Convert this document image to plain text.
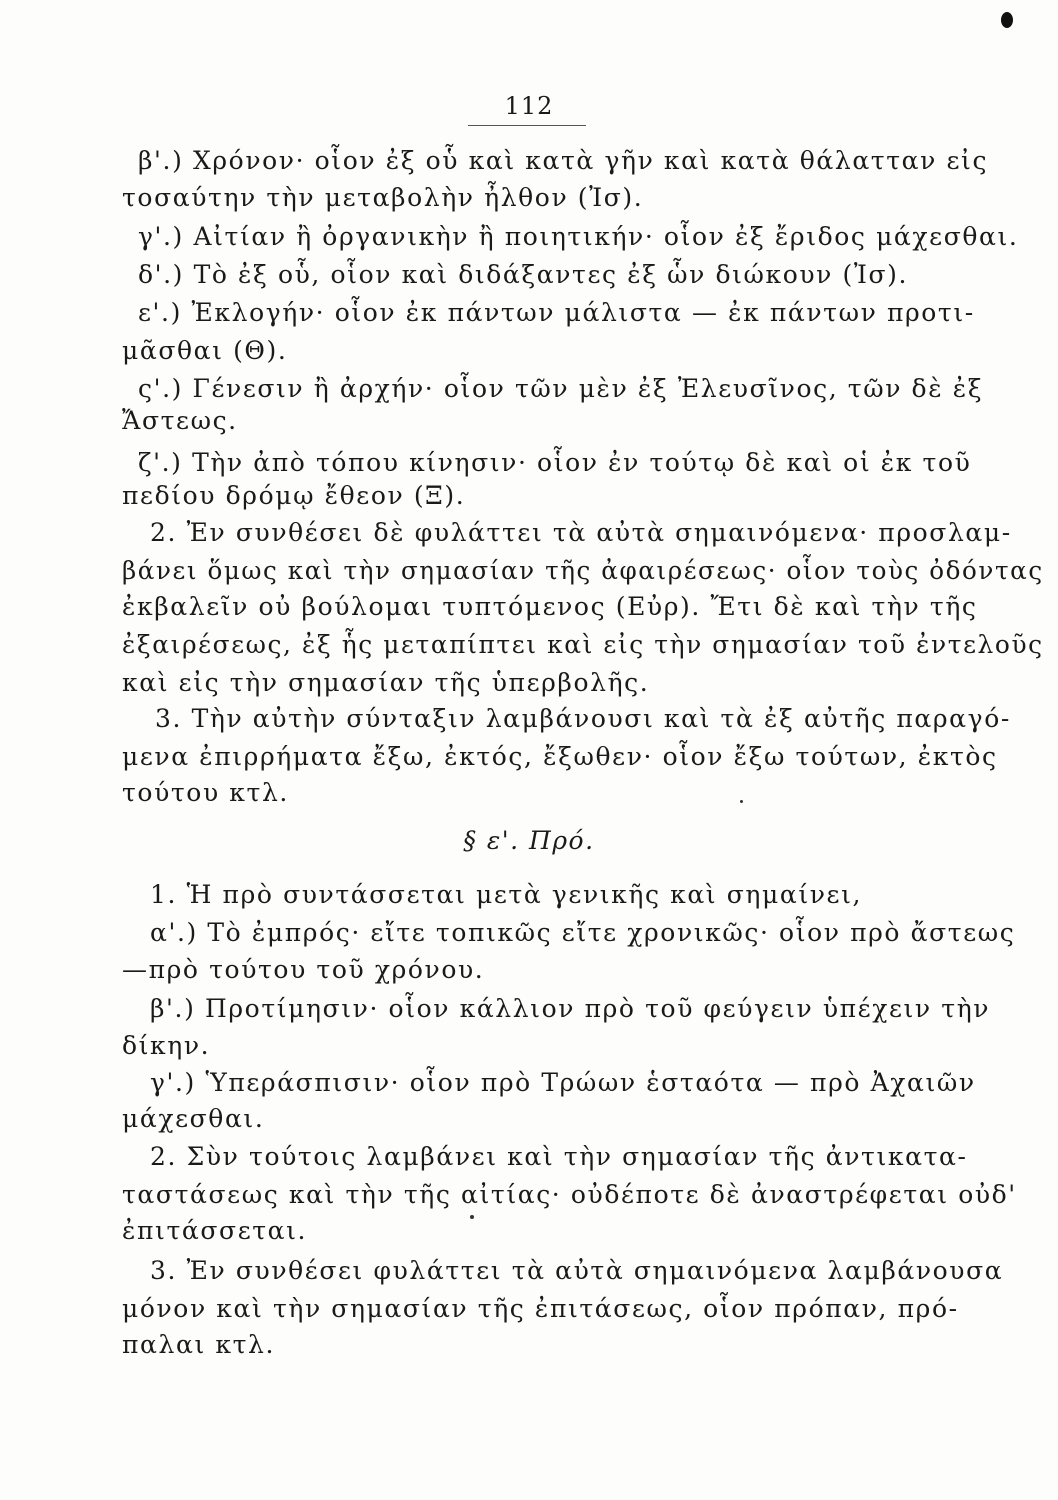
112
β'.) Χρόνον· οἷον ἐξ οὗ καὶ κατὰ γῆν καὶ κατὰ θάλατταν εἰς
τοσαύτην τὴν μεταβολὴν ἦλθον (Ἰσ).
γ'.) Αἰτίαν ἢ ὀργανικὴν ἢ ποιητικήν· οἷον ἐξ ἔριδος μάχεσθαι.
δ'.) Τὸ ἐξ οὗ, οἷον καὶ διδάξαντες ἐξ ὧν διώκουν (Ἰσ).
ε'.) Ἐκλογήν· οἷον ἐκ πάντων μάλιστα — ἐκ πάντων προτι-
μᾶσθαι (Θ).
ς'.) Γένεσιν ἢ ἀρχήν· οἷον τῶν μὲν ἐξ Ἐλευσῖνος, τῶν δὲ ἐξ
Ἄστεως.
ζ'.) Τὴν ἀπὸ τόπου κίνησιν· οἷον ἐν τούτῳ δὲ καὶ οἱ ἐκ τοῦ
πεδίου δρόμῳ ἔθεον (Ξ).
2. Ἐν συνθέσει δὲ φυλάττει τὰ αὐτὰ σημαινόμενα· προσλαμ-
βάνει ὅμως καὶ τὴν σημασίαν τῆς ἀφαιρέσεως· οἷον τοὺς ὀδόντας
ἐκβαλεῖν οὐ βούλομαι τυπτόμενος (Εὐρ). Ἔτι δὲ καὶ τὴν τῆς
ἐξαιρέσεως, ἐξ ἧς μεταπίπτει καὶ εἰς τὴν σημασίαν τοῦ ἐντελοῦς
καὶ εἰς τὴν σημασίαν τῆς ὑπερβολῆς.
3. Τὴν αὐτὴν σύνταξιν λαμβάνουσι καὶ τὰ ἐξ αὐτῆς παραγό-
μενα ἐπιρρήματα ἔξω, ἐκτός, ἔξωθεν· οἷον ἔξω τούτων, ἐκτὸς
τούτου κτλ.
§ ε'. Πρό.
1. Ἡ πρὸ συντάσσεται μετὰ γενικῆς καὶ σημαίνει,
α'.) Τὸ ἐμπρός· εἴτε τοπικῶς εἴτε χρονικῶς· οἷον πρὸ ἄστεως
—πρὸ τούτου τοῦ χρόνου.
β'.) Προτίμησιν· οἷον κάλλιον πρὸ τοῦ φεύγειν ὑπέχειν τὴν
δίκην.
γ'.) Ὑπεράσπισιν· οἷον πρὸ Τρώων ἑσταότα — πρὸ Ἀχαιῶν
μάχεσθαι.
2. Σὺν τούτοις λαμβάνει καὶ τὴν σημασίαν τῆς ἀντικατα-
ταστάσεως καὶ τὴν τῆς αἰτίας· οὐδέποτε δὲ ἀναστρέφεται οὐδ'
ἐπιτάσσεται.
3. Ἐν συνθέσει φυλάττει τὰ αὐτὰ σημαινόμενα λαμβάνουσα
μόνον καὶ τὴν σημασίαν τῆς ἐπιτάσεως, οἷον πρόπαν, πρό-
παλαι κτλ.
